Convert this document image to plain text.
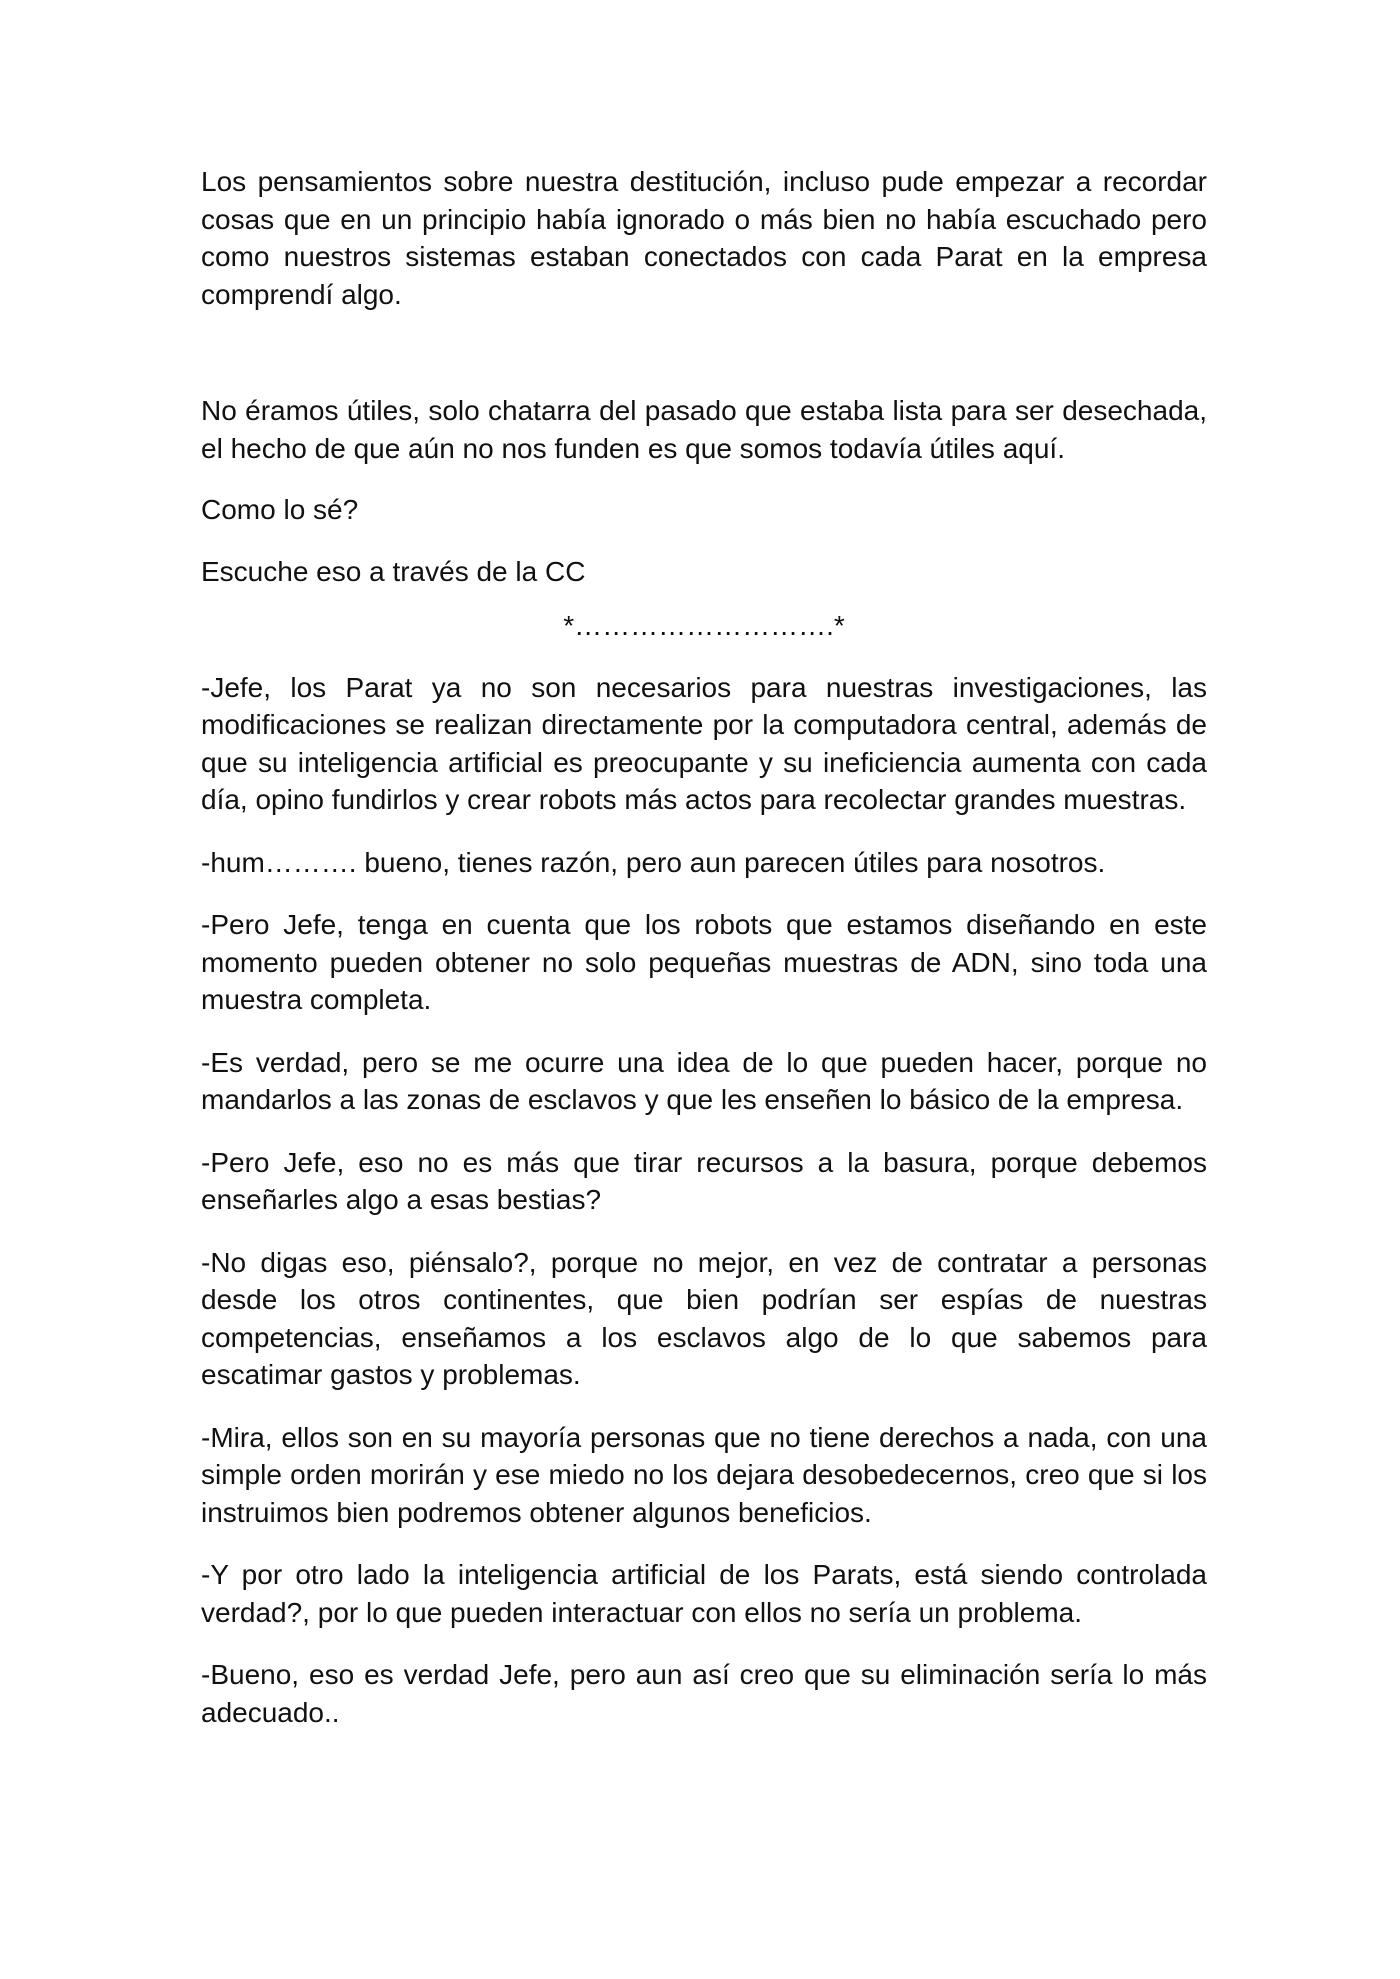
Los pensamientos sobre nuestra destitución, incluso pude empezar a recordar cosas que en un principio había ignorado o más bien no había escuchado pero como nuestros sistemas estaban conectados con cada Parat en la empresa comprendí algo.

No éramos útiles, solo chatarra del pasado que estaba lista para ser desechada, el hecho de que aún no nos funden es que somos todavía útiles aquí.

Como lo sé?

Escuche eso a través de la CC

*……………………….*

-Jefe, los Parat ya no son necesarios para nuestras investigaciones, las modificaciones se realizan directamente por la computadora central, además de que su inteligencia artificial es preocupante y su ineficiencia aumenta con cada día, opino fundirlos y crear robots más actos para recolectar grandes muestras.

-hum………. bueno, tienes razón, pero aun parecen útiles para nosotros.

-Pero Jefe, tenga en cuenta que los robots que estamos diseñando en este momento pueden obtener no solo pequeñas muestras de ADN, sino toda una muestra completa.

-Es verdad, pero se me ocurre una idea de lo que pueden hacer, porque no mandarlos a las zonas de esclavos y que les enseñen lo básico de la empresa.

-Pero Jefe, eso no es más que tirar recursos a la basura, porque debemos enseñarles algo a esas bestias?

-No digas eso, piénsalo?, porque no mejor, en vez de contratar a personas desde los otros continentes, que bien podrían ser espías de nuestras competencias, enseñamos a los esclavos algo de lo que sabemos para escatimar gastos y problemas.

-Mira, ellos son en su mayoría personas que no tiene derechos a nada, con una simple orden morirán y ese miedo no los dejara desobedecernos, creo que si los instruimos bien podremos obtener algunos beneficios.

-Y por otro lado la inteligencia artificial de los Parats, está siendo controlada verdad?, por lo que pueden interactuar con ellos no sería un problema.

-Bueno, eso es verdad Jefe, pero aun así creo que su eliminación sería lo más adecuado..
